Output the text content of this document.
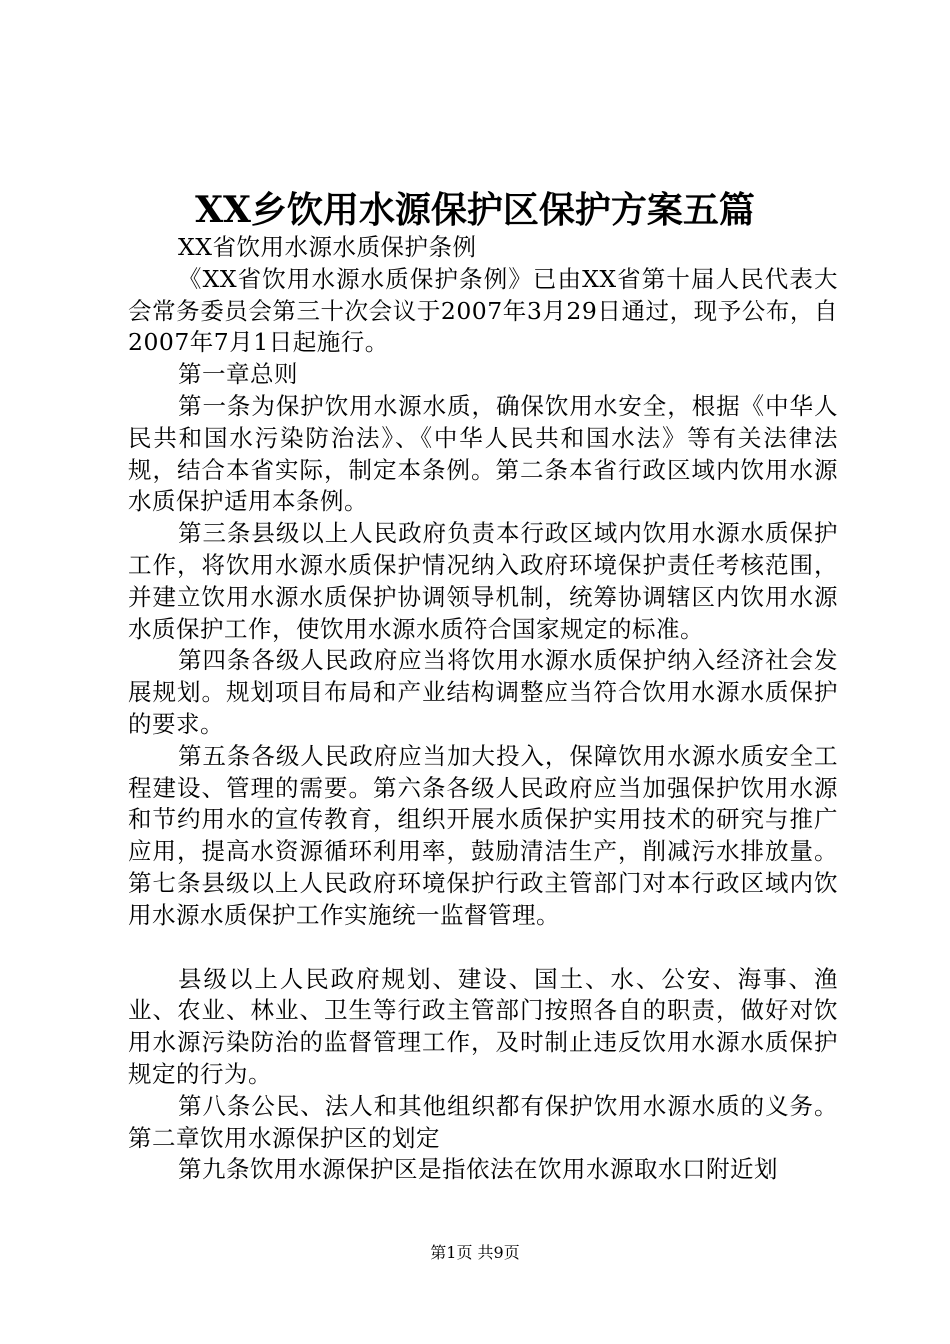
XX乡饮用水源保护区保护方案五篇

XX省饮用水源水质保护条例

《XX省饮用水源水质保护条例》已由XX省第十届人民代表大会常务委员会第三十次会议于2007年3月29日通过，现予公布，自2007年7月1日起施行。

第一章总则

第一条为保护饮用水源水质，确保饮用水安全，根据《中华人民共和国水污染防治法》、《中华人民共和国水法》等有关法律法规，结合本省实际，制定本条例。第二条本省行政区域内饮用水源水质保护适用本条例。

第三条县级以上人民政府负责本行政区域内饮用水源水质保护工作，将饮用水源水质保护情况纳入政府环境保护责任考核范围，并建立饮用水源水质保护协调领导机制，统筹协调辖区内饮用水源水质保护工作，使饮用水源水质符合国家规定的标准。

第四条各级人民政府应当将饮用水源水质保护纳入经济社会发展规划。规划项目布局和产业结构调整应当符合饮用水源水质保护的要求。

第五条各级人民政府应当加大投入，保障饮用水源水质安全工程建设、管理的需要。第六条各级人民政府应当加强保护饮用水源和节约用水的宣传教育，组织开展水质保护实用技术的研究与推广应用，提高水资源循环利用率，鼓励清洁生产，削减污水排放量。第七条县级以上人民政府环境保护行政主管部门对本行政区域内饮用水源水质保护工作实施统一监督管理。

县级以上人民政府规划、建设、国土、水、公安、海事、渔业、农业、林业、卫生等行政主管部门按照各自的职责，做好对饮用水源污染防治的监督管理工作，及时制止违反饮用水源水质保护规定的行为。

第八条公民、法人和其他组织都有保护饮用水源水质的义务。第二章饮用水源保护区的划定

第九条饮用水源保护区是指依法在饮用水源取水口附近划

第1页 共9页
